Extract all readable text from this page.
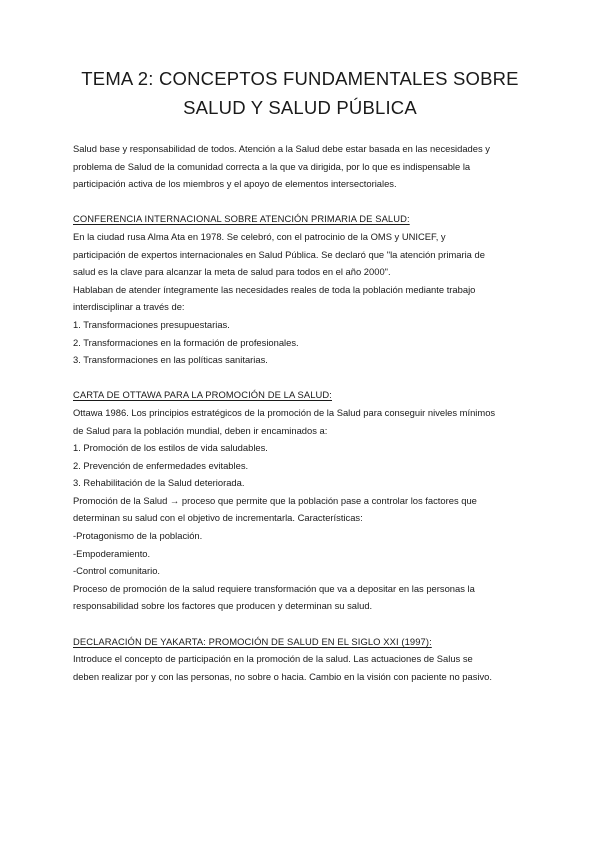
TEMA 2: CONCEPTOS FUNDAMENTALES SOBRE
SALUD Y SALUD PÚBLICA
Salud base y responsabilidad de todos. Atención a la Salud debe estar basada en las necesidades y
problema de Salud de la comunidad correcta a la que va dirigida, por lo que es indispensable la
participación activa de los miembros y el apoyo de elementos intersectoriales.
CONFERENCIA INTERNACIONAL SOBRE ATENCIÓN PRIMARIA DE SALUD:
En la ciudad rusa Alma Ata en 1978. Se celebró, con el patrocinio de la OMS y UNICEF, y
participación de expertos internacionales en Salud Pública. Se declaró que "la atención primaria de
salud es la clave para alcanzar la meta de salud para todos en el año 2000".
Hablaban de atender íntegramente las necesidades reales de toda la población mediante trabajo
interdisciplinar a través de:
1. Transformaciones presupuestarias.
2. Transformaciones en la formación de profesionales.
3. Transformaciones en las políticas sanitarias.
CARTA DE OTTAWA PARA LA PROMOCIÓN DE LA SALUD:
Ottawa 1986. Los principios estratégicos de la promoción de la Salud para conseguir niveles mínimos
de Salud para la población mundial, deben ir encaminados a:
1. Promoción de los estilos de vida saludables.
2. Prevención de enfermedades evitables.
3. Rehabilitación de la Salud deteriorada.
Promoción de la Salud → proceso que permite que la población pase a controlar los factores que
determinan su salud con el objetivo de incrementarla. Características:
-Protagonismo de la población.
-Empoderamiento.
-Control comunitario.
Proceso de promoción de la salud requiere transformación que va a depositar en las personas la
responsabilidad sobre los factores que producen y determinan su salud.
DECLARACIÓN DE YAKARTA: PROMOCIÓN DE SALUD EN EL SIGLO XXI (1997):
Introduce el concepto de participación en la promoción de la salud. Las actuaciones de Salus se
deben realizar por y con las personas, no sobre o hacia. Cambio en la visión con paciente no pasivo.
